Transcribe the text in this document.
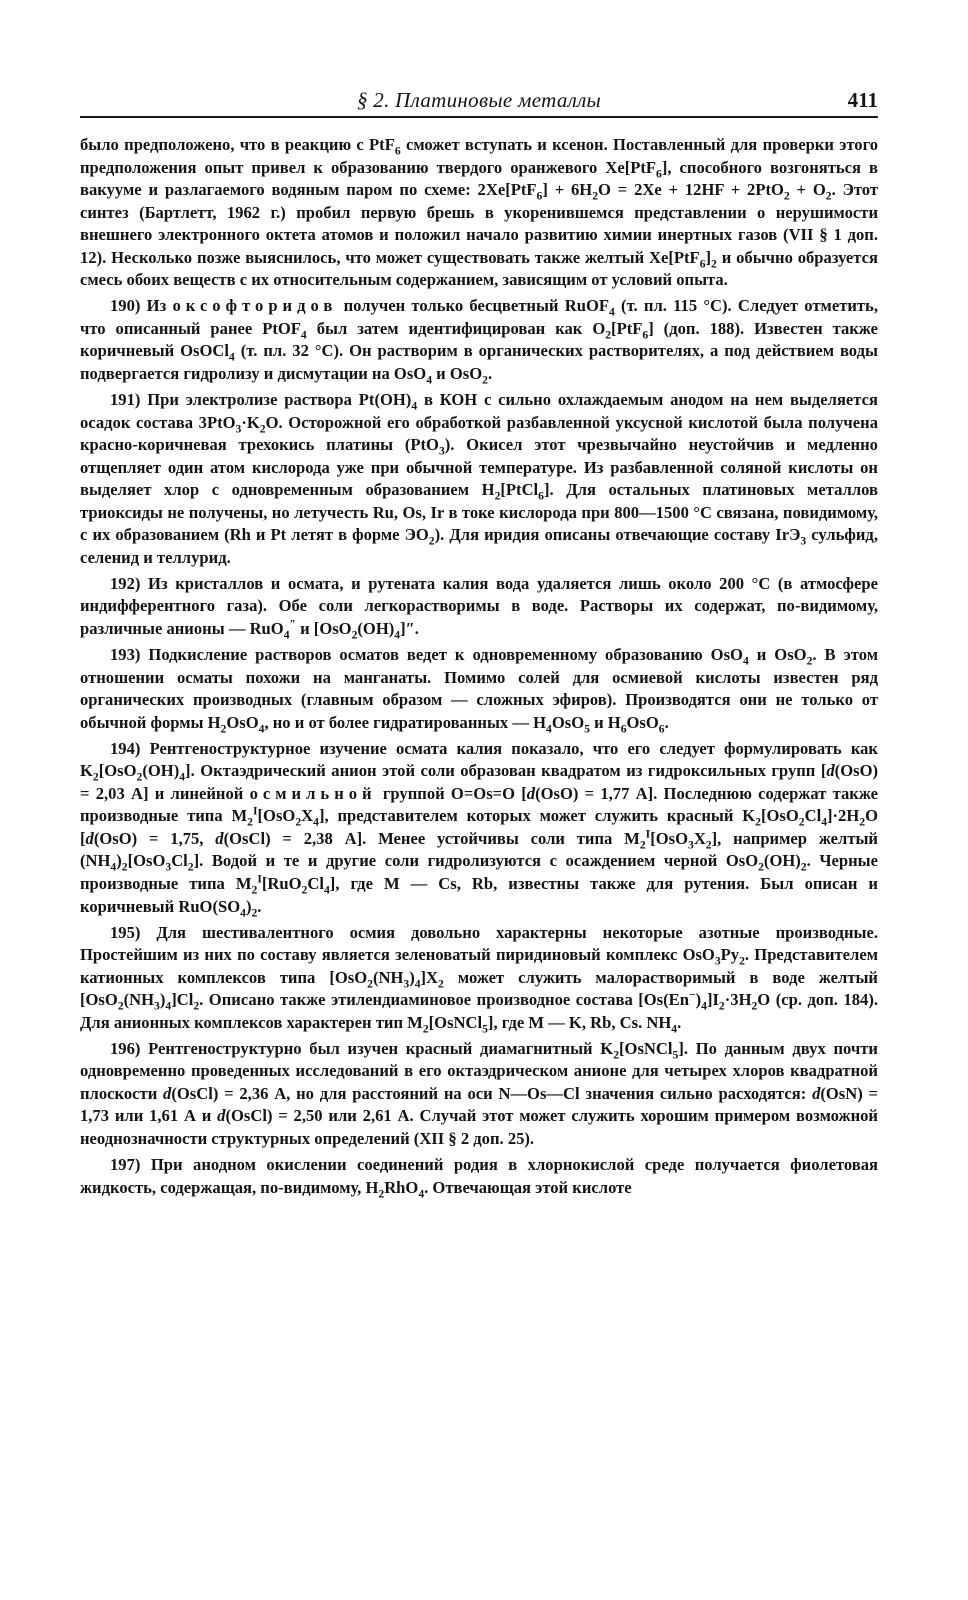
§ 2. Платиновые металлы	411

было предположено, что в реакцию с PtF$_6$ сможет вступать и ксенон. Поставленный для проверки этого предположения опыт привел к образованию твердого оранжевого Xe[PtF$_6$], способного возгоняться в вакууме и разлагаемого водяным паром по схеме: $2Xe[PtF_6] + 6H_2O = 2Xe + 12HF + 2PtO_2 + O_2$. Этот синтез (Бартлетт, 1962 г.) пробил первую брешь в укоренившемся представлении о нерушимости внешнего электронного октета атомов и положил начало развитию химии инертных газов (VII § 1 доп. 12). Несколько позже выяснилось, что может существовать также желтый $Xe[PtF_6]_2$ и обычно образуется смесь обоих веществ с их относительным содержанием, зависящим от условий опыта.

190) Из оксофторидов получен только бесцветный RuOF$_4$ (т. пл. 115 °С). Следует отметить, что описанный ранее PtOF$_4$ был затем идентифицирован как $O_2[PtF_6]$ (доп. 188). Известен также коричневый OsOCl$_4$ (т. пл. 32 °С). Он растворим в органических растворителях, а под действием воды подвергается гидролизу и дисмутации на OsO$_4$ и OsO$_2$.

191) При электролизе раствора $Pt(OH)_4$ в КОН с сильно охлаждаемым анодом на нем выделяется осадок состава $3PtO_3\cdot K_2O$. Осторожной его обработкой разбавленной уксусной кислотой была получена красно-коричневая трехокись платины (PtO$_3$). Окисел этот чрезвычайно неустойчив и медленно отщепляет один атом кислорода уже при обычной температуре. Из разбавленной соляной кислоты он выделяет хлор с одновременным образованием $H_2[PtCl_6]$. Для остальных платиновых металлов триоксиды не получены, но летучесть Ru, Os, Ir в токе кислорода при 800—1500 °С связана, повидимому, с их образованием (Rh и Pt летят в форме $ЭO_2$). Для иридия описаны отвечающие составу IrЭ$_3$ сульфид, селенид и теллурид.

192) Из кристаллов и осмата, и рутената калия вода удаляется лишь около 200 °С (в атмосфере индифферентного газа). Обе соли легкорастворимы в воде. Растворы их содержат, по-видимому, различные анионы — RuO$_4$″ и $[OsO_2(OH)_4]''$.

193) Подкисление растворов осматов ведет к одновременному образованию OsO$_4$ и OsO$_2$. В этом отношении осматы похожи на манганаты. Помимо солей для осмиевой кислоты известен ряд органических производных (главным образом — сложных эфиров). Производятся они не только от обычной формы $H_2OsO_4$, но и от более гидратированных — $H_4OsO_5$ и $H_6OsO_6$.

194) Рентгеноструктурное изучение осмата калия показало, что его следует формулировать как $K_2[OsO_2(OH)_4]$. Октаэдрический анион этой соли образован квадратом из гидроксильных групп [d(OsO) = 2,03 А] и линейной осмильной группой O=Os=O [d(OsO) = 1,77 А]. Последнюю содержат также производные типа $M_2^I[OsO_2X_4]$, представителем которых может служить красный $K_2[OsO_2Cl_4]\cdot 2H_2O$ [d(OsO) = 1,75, d(OsCl) = 2,38 А]. Менее устойчивы соли типа $M_2^I[OsO_3X_2]$, например желтый $(NH_4)_2[OsO_3Cl_2]$. Водой и те и другие соли гидролизуются с осаждением черной $OsO_2(OH)_2$. Черные производные типа $M_2^I[RuO_2Cl_4]$, где M — Cs, Rb, известны также для рутения. Был описан и коричневый $RuO(SO_4)_2$.

195) Для шестивалентного осмия довольно характерны некоторые азотные производные. Простейшим из них по составу является зеленоватый пиридиновый комплекс $OsO_3Py_2$. Представителем катионных комплексов типа $[OsO_2(NH_3)_4]X_2$ может служить малорастворимый в воде желтый $[OsO_2(NH_3)_4]Cl_2$. Описано также этилендиаминовое производное состава $[Os(En^-)_4]I_2\cdot 3H_2O$ (ср. доп. 184). Для анионных комплексов характерен тип $M_2[OsNCl_5]$, где M — K, Rb, Cs. $NH_4$.

196) Рентгеноструктурно был изучен красный диамагнитный $K_2[OsNCl_5]$. По данным двух почти одновременно проведенных исследований в его октаэдрическом анионе для четырех хлоров квадратной плоскости d(OsCl) = 2,36 А, но для расстояний на оси N—Os—Cl значения сильно расходятся: d(OsN) = 1,73 или 1,61 А и d(OsCl) = 2,50 или 2,61 А. Случай этот может служить хорошим примером возможной неоднозначности структурных определений (XII § 2 доп. 25).

197) При анодном окислении соединений родия в хлорнокислой среде получается фиолетовая жидкость, содержащая, по-видимому, $H_2RhO_4$. Отвечающая этой кислоте
